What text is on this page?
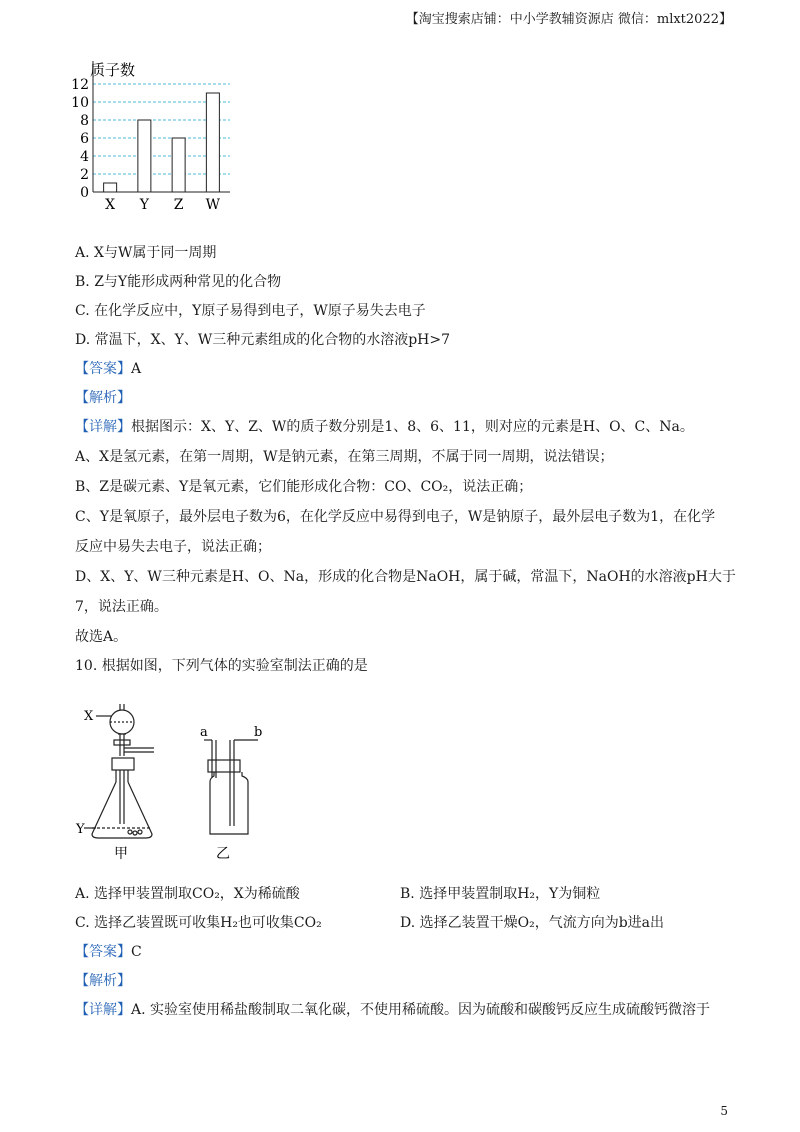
【淘宝搜索店铺：中小学教辅资源店 微信：mlxt2022】
质子数
0
2
4
6
8
10
12
X Y Z W
A. X与W属于同一周期
B. Z与Y能形成两种常见的化合物
C. 在化学反应中，Y原子易得到电子，W原子易失去电子
D. 常温下，X、Y、W三种元素组成的化合物的水溶液pH>7
【答案】A
【解析】
【详解】根据图示：X、Y、Z、W的质子数分别是1、8、6、11，则对应的元素是H、O、C、Na。
A、X是氢元素，在第一周期，W是钠元素，在第三周期，不属于同一周期，说法错误；
B、Z是碳元素、Y是氧元素，它们能形成化合物：CO、CO₂，说法正确；
C、Y是氧原子，最外层电子数为6，在化学反应中易得到电子，W是钠原子，最外层电子数为1，在化学
反应中易失去电子，说法正确；
D、X、Y、W三种元素是H、O、Na，形成的化合物是NaOH，属于碱，常温下，NaOH的水溶液pH大于
7，说法正确。
故选A。
10. 根据如图，下列气体的实验室制法正确的是
X
Y
a	b
甲	乙
A. 选择甲装置制取CO₂，X为稀硫酸	B. 选择甲装置制取H₂，Y为铜粒
C. 选择乙装置既可收集H₂也可收集CO₂	D. 选择乙装置干燥O₂，气流方向为b进a出
【答案】C
【解析】
【详解】A. 实验室使用稀盐酸制取二氧化碳，不使用稀硫酸。因为硫酸和碳酸钙反应生成硫酸钙微溶于
5
